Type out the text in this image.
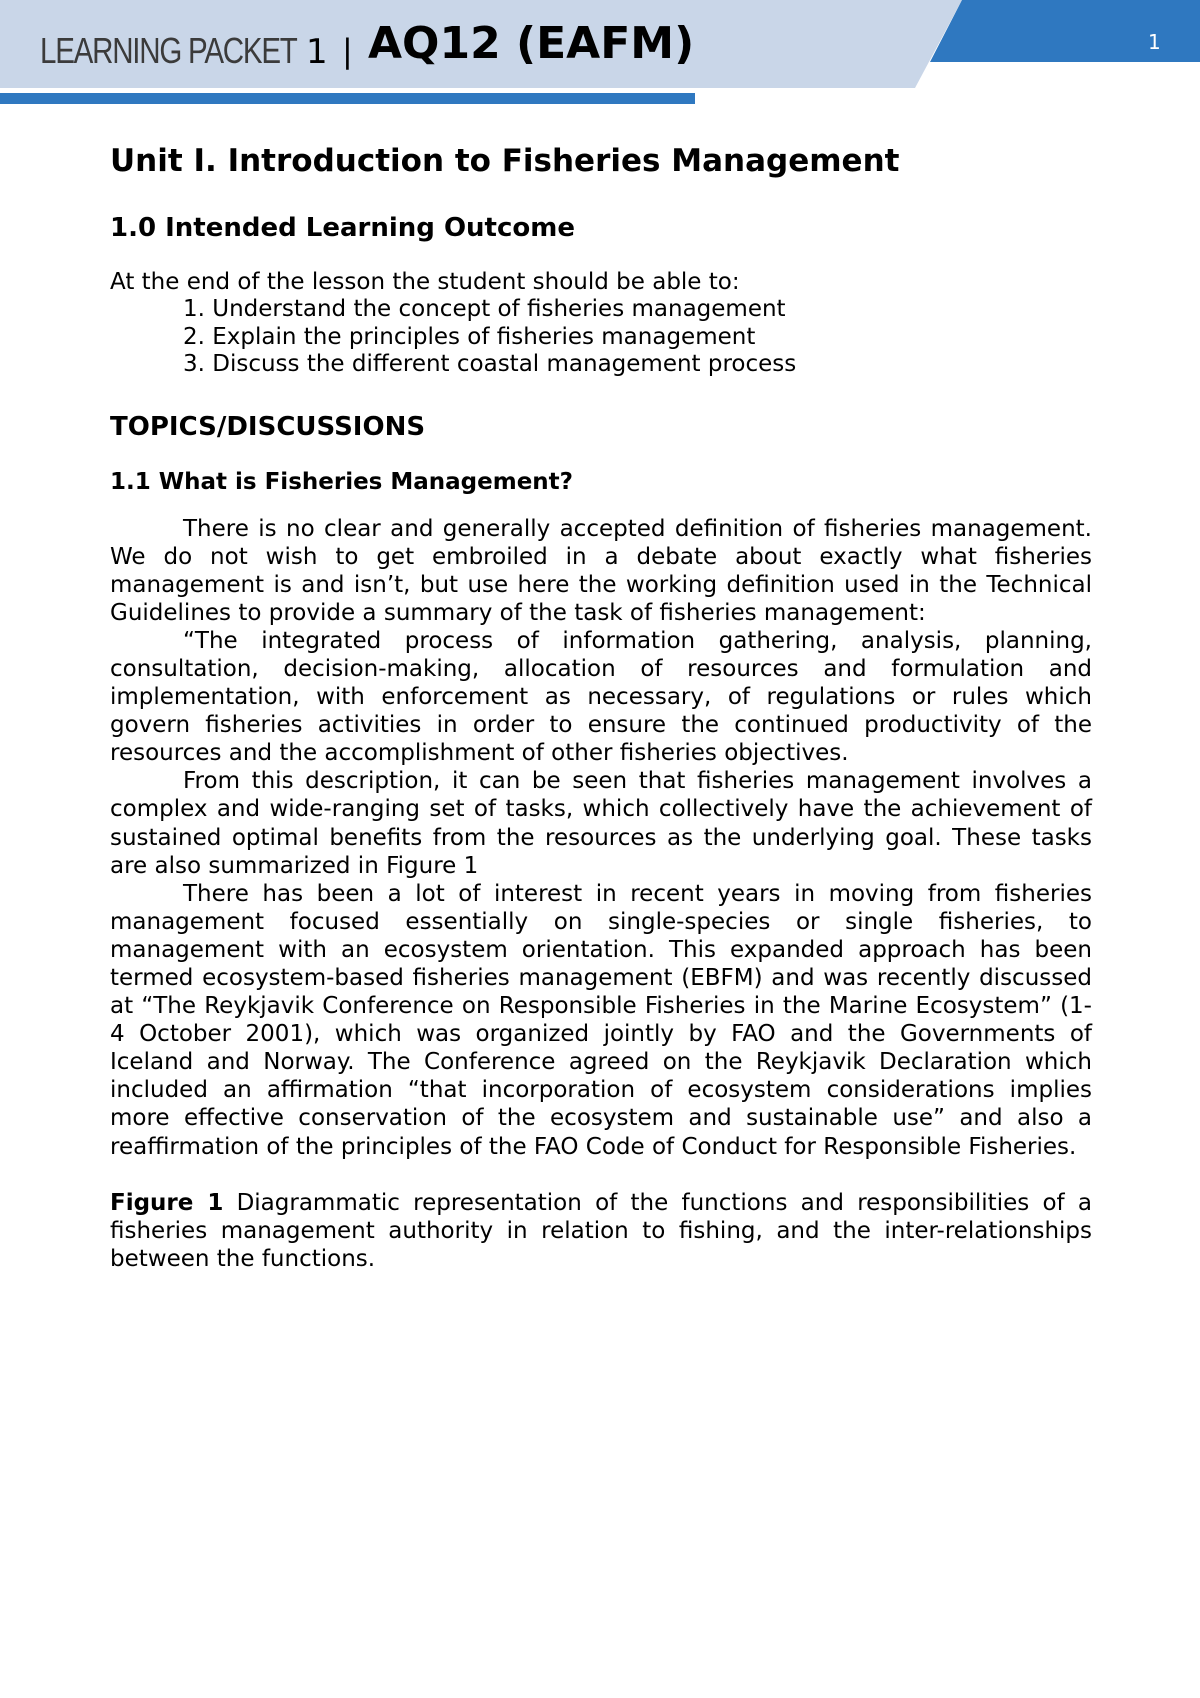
LEARNING PACKET 1 | AQ12 (EAFM)	1
Unit I. Introduction to Fisheries Management
1.0 Intended Learning Outcome

At the end of the lesson the student should be able to:

1. Understand the concept of fisheries management
2. Explain the principles of fisheries management
3. Discuss the different coastal management process
TOPICS/DISCUSSIONS
1.1 What is Fisheries Management?

There is no clear and generally accepted definition of fisheries management. We do not wish to get embroiled in a debate about exactly what fisheries management is and isn’t, but use here the working definition used in the Technical Guidelines to provide a summary of the task of fisheries management:

“The integrated process of information gathering, analysis, planning, consultation, decision-making, allocation of resources and formulation and implementation, with enforcement as necessary, of regulations or rules which govern fisheries activities in order to ensure the continued productivity of the resources and the accomplishment of other fisheries objectives.

From this description, it can be seen that fisheries management involves a complex and wide-ranging set of tasks, which collectively have the achievement of sustained optimal benefits from the resources as the underlying goal. These tasks are also summarized in Figure 1

There has been a lot of interest in recent years in moving from fisheries management focused essentially on single-species or single fisheries, to management with an ecosystem orientation. This expanded approach has been termed ecosystem-based fisheries management (EBFM) and was recently discussed at “The Reykjavik Conference on Responsible Fisheries in the Marine Ecosystem” (1-4 October 2001), which was organized jointly by FAO and the Governments of Iceland and Norway. The Conference agreed on the Reykjavik Declaration which included an affirmation “that incorporation of ecosystem considerations implies more effective conservation of the ecosystem and sustainable use” and also a reaffirmation of the principles of the FAO Code of Conduct for Responsible Fisheries.

Figure 1 Diagrammatic representation of the functions and responsibilities of a fisheries management authority in relation to fishing, and the inter-relationships between the functions.
